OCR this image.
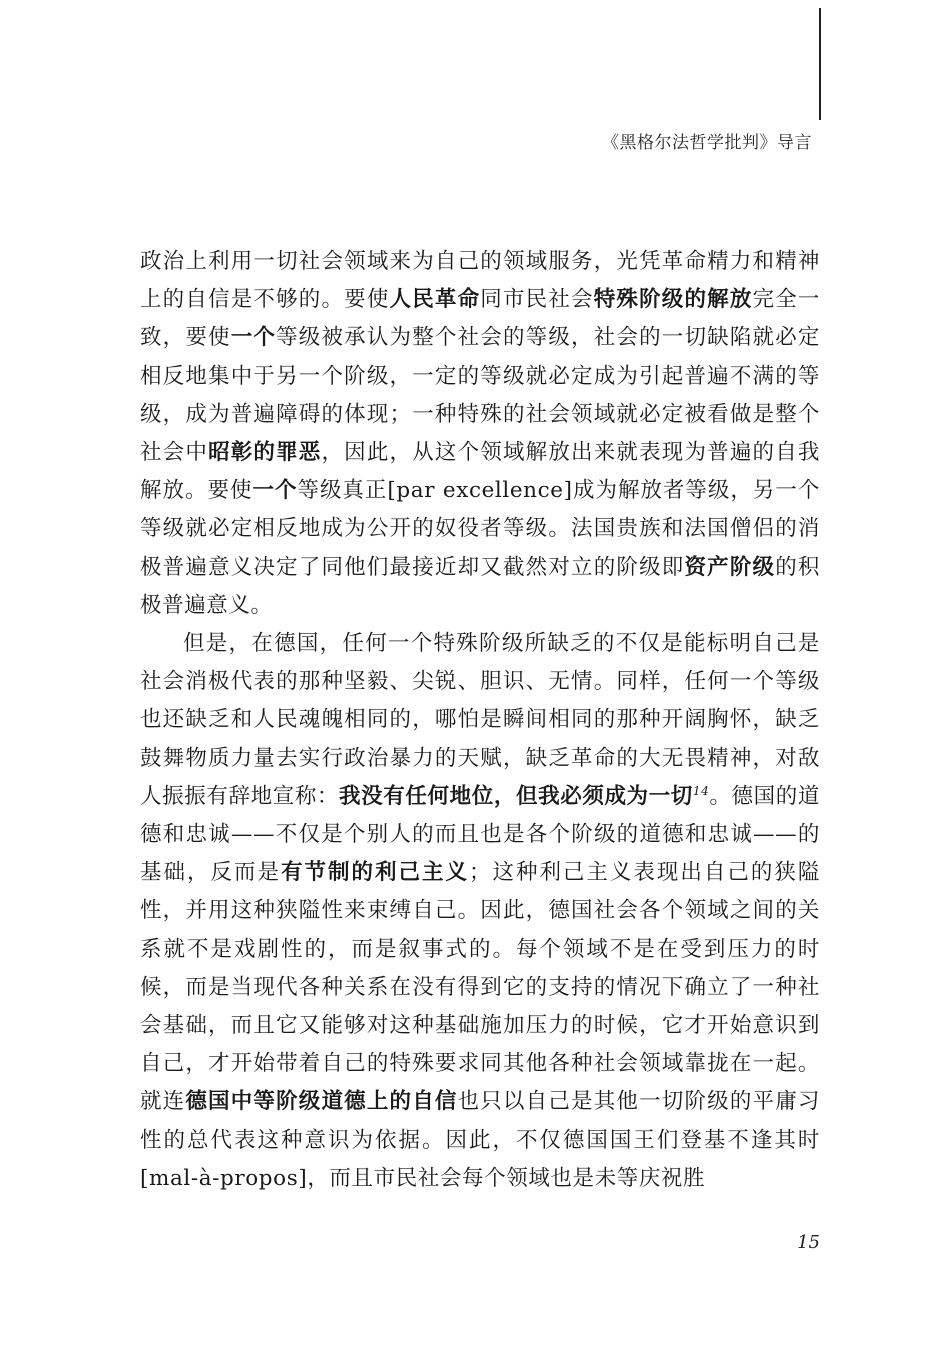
《黑格尔法哲学批判》导言

政治上利用一切社会领域来为自己的领域服务，光凭革命精力和精神上的自信是不够的。要使人民革命同市民社会特殊阶级的解放完全一致，要使一个等级被承认为整个社会的等级，社会的一切缺陷就必定相反地集中于另一个阶级，一定的等级就必定成为引起普遍不满的等级，成为普遍障碍的体现；一种特殊的社会领域就必定被看做是整个社会中昭彰的罪恶，因此，从这个领域解放出来就表现为普遍的自我解放。要使一个等级真正[par excellence]成为解放者等级，另一个等级就必定相反地成为公开的奴役者等级。法国贵族和法国僧侣的消极普遍意义决定了同他们最接近却又截然对立的阶级即资产阶级的积极普遍意义。

但是，在德国，任何一个特殊阶级所缺乏的不仅是能标明自己是社会消极代表的那种坚毅、尖锐、胆识、无情。同样，任何一个等级也还缺乏和人民魂魄相同的，哪怕是瞬间相同的那种开阔胸怀，缺乏鼓舞物质力量去实行政治暴力的天赋，缺乏革命的大无畏精神，对敌人振振有辞地宣称：我没有任何地位，但我必须成为一切$^{14}$。德国的道德和忠诚——不仅是个别人的而且也是各个阶级的道德和忠诚——的基础，反而是有节制的利己主义；这种利己主义表现出自己的狭隘性，并用这种狭隘性来束缚自己。因此，德国社会各个领域之间的关系就不是戏剧性的，而是叙事式的。每个领域不是在受到压力的时候，而是当现代各种关系在没有得到它的支持的情况下确立了一种社会基础，而且它又能够对这种基础施加压力的时候，它才开始意识到自己，才开始带着自己的特殊要求同其他各种社会领域靠拢在一起。就连德国中等阶级道德上的自信也只以自己是其他一切阶级的平庸习性的总代表这种意识为依据。因此，不仅德国国王们登基不逢其时[mal-à-propos]，而且市民社会每个领域也是未等庆祝胜

15
